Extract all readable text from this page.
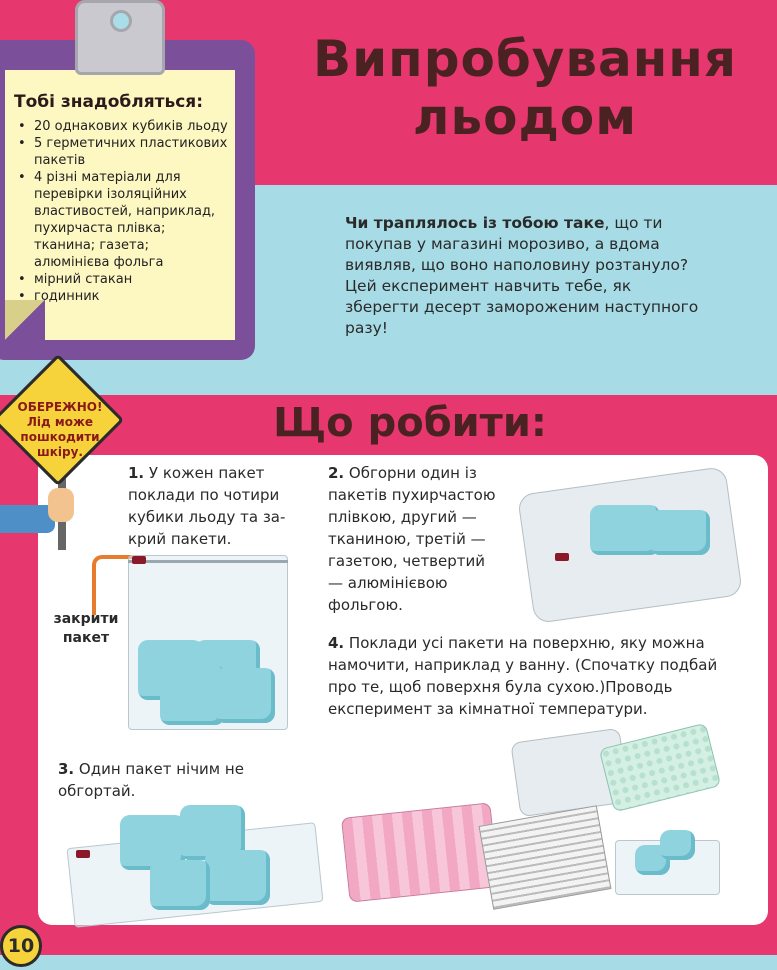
Випробування льодом
Тобі знадобляться:
• 20 однакових кубиків льоду
• 5 герметичних пластикових пакетів
• 4 різні матеріали для перевірки ізоляційних властивостей, наприклад, пухирчаста плівка; тканина; газета; алюмінієва фольга
• мірний стакан
• годинник

Чи траплялось із тобою таке, що ти покупав у магазині морозиво, а вдома виявляв, що воно наполовину розтануло? Цей експеримент навчить тебе, як зберегти десерт замороженим наступного разу!

Що робити:
ОБЕРЕЖНО! Лід може пошкодити шкіру.

1. У кожен пакет поклади по чотири кубики льоду та закрий пакети.

2. Обгорни один із пакетів пухирчастою плівкою, другий — тканиною, третій — газетою, четвертий — алюмінієвою фольгою.

3. Один пакет нічим не обгортай.

4. Поклади усі пакети на поверхню, яку можна намочити, наприклад у ванну. (Спочатку подбай про те, щоб поверхня була сухою.)Проводь експеримент за кімнатної температури.

закрити пакет
10
